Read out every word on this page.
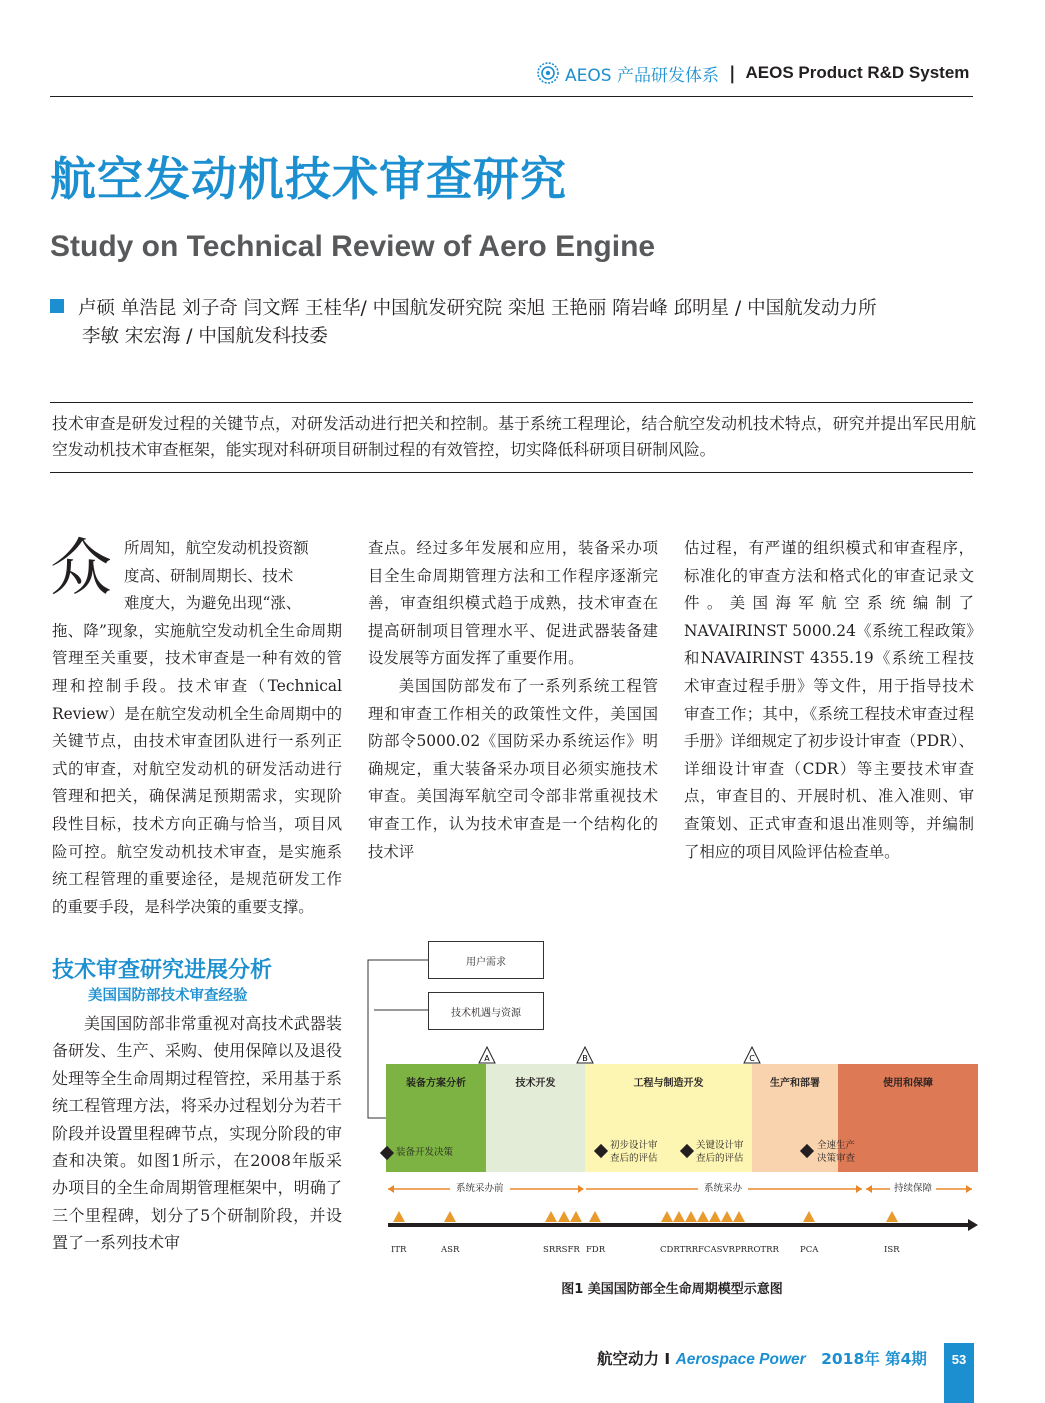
AEOS 产品研发体系 | AEOS Product R&D System
航空发动机技术审查研究
Study on Technical Review of Aero Engine
卢硕 单浩昆 刘子奇 闫文辉 王桂华/ 中国航发研究院 栾旭 王艳丽 隋岩峰 邱明星 / 中国航发动力所
李敏 宋宏海 / 中国航发科技委
技术审查是研发过程的关键节点，对研发活动进行把关和控制。基于系统工程理论，结合航空发动机技术特点，研究并提出军民用航空发动机技术审查框架，能实现对科研项目研制过程的有效管控，切实降低科研项目研制风险。
众 所周知，航空发动机投资额
度高、研制周期长、技术
难度大，为避免出现“涨、
拖、降”现象，实施航空发动机全生命周期管理至关重要，技术审查是一种有效的管理和控制手段。技术审查（Technical Review）是在航空发动机全生命周期中的关键节点，由技术审查团队进行一系列正式的审查，对航空发动机的研发活动进行管理和把关，确保满足预期需求，实现阶段性目标，技术方向正确与恰当，项目风险可控。航空发动机技术审查，是实施系统工程管理的重要途径，是规范研发工作的重要手段，是科学决策的重要支撑。
技术审查研究进展分析
美国国防部技术审查经验
美国国防部非常重视对高技术武器装备研发、生产、采购、使用保障以及退役处理等全生命周期过程管控，采用基于系统工程管理方法，将采办过程划分为若干阶段并设置里程碑节点，实现分阶段的审查和决策。如图1所示，在2008年版采办项目的全生命周期管理框架中，明确了三个里程碑，划分了5个研制阶段，并设置了一系列技术审
查点。经过多年发展和应用，装备采办项目全生命周期管理方法和工作程序逐渐完善，审查组织模式趋于成熟，技术审查在提高研制项目管理水平、促进武器装备建设发展等方面发挥了重要作用。
美国国防部发布了一系列系统工程管理和审查工作相关的政策性文件，美国国防部令5000.02《国防采办系统运作》明确规定，重大装备采办项目必须实施技术审查。美国海军航空司令部非常重视技术审查工作，认为技术审查是一个结构化的技术评
估过程，有严谨的组织模式和审查程序，标准化的审查方法和格式化的审查记录文件。美国海军航空系统编制了NAVAIRINST 5000.24《系统工程政策》和NAVAIRINST 4355.19《系统工程技术审查过程手册》等文件，用于指导技术审查工作；其中，《系统工程技术审查过程手册》详细规定了初步设计审查（PDR）、详细设计审查（CDR）等主要技术审查点，审查目的、开展时机、准入准则、审查策划、正式审查和退出准则等，并编制了相应的项目风险评估检查单。
用户需求
技术机遇与资源
装备方案分析	技术开发	工程与制造开发	生产和部署	使用和保障
A	B	C
装备开发决策
初步设计审
查后的评估
关键设计审
查后的评估
全速生产
决策审查
系统采办前	系统采办	持续保障
ITR	ASR	SRRSFR FDR	CDRTRRFCASVRPRROTRR PCA	ISR
图1 美国国防部全生命周期模型示意图
航空动力 I Aerospace Power 2018年 第4期	53
